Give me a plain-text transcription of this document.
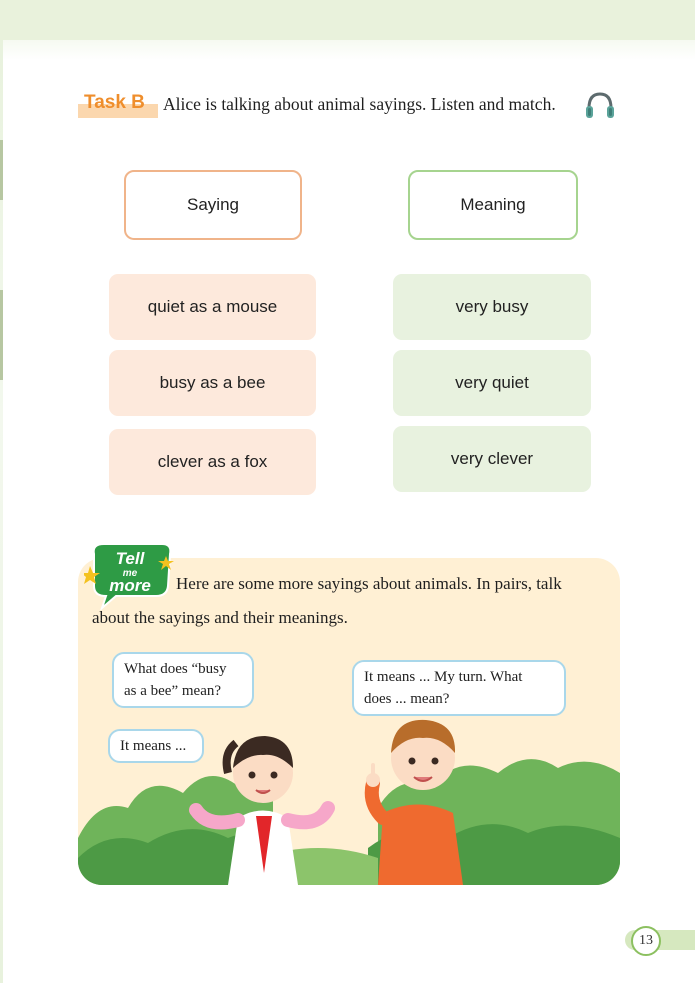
Task B Alice is talking about animal sayings. Listen and match.
Saying	Meaning
quiet as a mouse
busy as a bee
clever as a fox
very busy
very quiet
very clever
Tell
me
more Here are some more sayings about animals. In pairs, talk
about the sayings and their meanings.
What does “busy
as a bee” mean?
It means ...
It means ... My turn. What
does ... mean?
13
